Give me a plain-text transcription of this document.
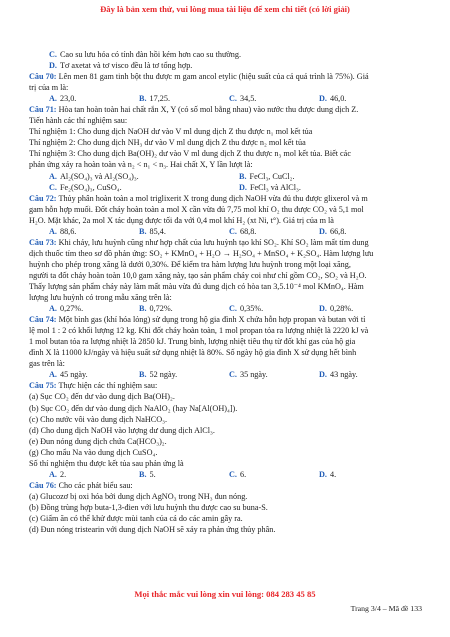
Đây là bản xem thử, vui lòng mua tài liệu để xem chi tiết (có lời giải)
C. Cao su lưu hóa có tính đàn hồi kém hơn cao su thường.
D. Tơ axetat và tơ visco đều là tơ tổng hợp.
Câu 70: Lên men 81 gam tinh bột thu được m gam ancol etylic (hiệu suất của cả quá trình là 75%). Giá
trị của m là:
A. 23,0.	B. 17,25.	C. 34,5.	D. 46,0.
Câu 71: Hòa tan hoàn toàn hai chất rắn X, Y (có số mol bằng nhau) vào nước thu được dung dịch Z.
Tiến hành các thí nghiệm sau:
Thí nghiệm 1: Cho dung dịch NaOH dư vào V ml dung dịch Z thu được n₁ mol kết tủa
Thí nghiệm 2: Cho dung dịch NH₃ dư vào V ml dung dịch Z thu được n₂ mol kết tủa
Thí nghiệm 3: Cho dung dịch Ba(OH)₂ dư vào V ml dung dịch Z thu được n₃ mol kết tủa. Biết các
phản ứng xảy ra hoàn toàn và n₂ < n₁ < n₃. Hai chất X, Y lần lượt là:
A. Al₂(SO₄)₃ và Al₂(SO₄)₃.	B. FeCl₃, CuCl₂.
C. Fe₂(SO₄)₃, CuSO₄.	D. FeCl₃ và AlCl₃.
Câu 72: Thủy phân hoàn toàn a mol triglixerit X trong dung dịch NaOH vừa đủ thu được glixerol và m
gam hỗn hợp muối. Đốt cháy hoàn toàn a mol X cần vừa đủ 7,75 mol khí O₂ thu được CO₂ và 5,1 mol
H₂O. Mặt khác, 2a mol X tác dụng được tối đa với 0,4 mol khí H₂ (xt Ni, t°). Giá trị của m là
A. 88,6.	B. 85,4.	C. 68,8.	D. 66,8.
Câu 73: Khi cháy, lưu huỳnh cũng như hợp chất của lưu huỳnh tạo khí SO₂. Khí SO₂ làm mất tím dung
dịch thuốc tím theo sơ đồ phản ứng: SO₂ + KMnO₄ + H₂O → H₂SO₄ + MnSO₄ + K₂SO₄. Hàm lượng lưu
huỳnh cho phép trong xăng là dưới 0,30%. Để kiểm tra hàm lượng lưu huỳnh trong một loại xăng,
người ta đốt cháy hoàn toàn 10,0 gam xăng này, tạo sản phẩm cháy coi như chỉ gồm CO₂, SO₂ và H₂O.
Thấy lượng sản phẩm cháy này làm mất màu vừa đủ dung dịch có hòa tan 3,5.10⁻⁴ mol KMnO₄. Hàm
lượng lưu huỳnh có trong mẫu xăng trên là:
A. 0,27%.	B. 0,72%.	C. 0,35%.	D. 0,28%.
Câu 74: Một bình gas (khí hóa lỏng) sử dụng trong hộ gia đình X chứa hỗn hợp propan và butan với tỉ
lệ mol 1 : 2 có khối lượng 12 kg. Khi đốt cháy hoàn toàn, 1 mol propan tỏa ra lượng nhiệt là 2220 kJ và
1 mol butan tỏa ra lượng nhiệt là 2850 kJ. Trung bình, lượng nhiệt tiêu thụ từ đốt khí gas của hộ gia
đình X là 11000 kJ/ngày và hiệu suất sử dụng nhiệt là 80%. Số ngày hộ gia đình X sử dụng hết bình
gas trên là:
A. 45 ngày.	B. 52 ngày.	C. 35 ngày.	D. 43 ngày.
Câu 75: Thực hiện các thí nghiệm sau:
(a) Sục CO₂ đến dư vào dung dịch Ba(OH)₂.
(b) Sục CO₂ đến dư vào dung dịch NaAlO₂ (hay Na[Al(OH)₄]).
(c) Cho nước vôi vào dung dịch NaHCO₃.
(d) Cho dung dịch NaOH vào lượng dư dung dịch AlCl₃.
(e) Đun nóng dung dịch chứa Ca(HCO₃)₂.
(g) Cho mẩu Na vào dung dịch CuSO₄.
Số thí nghiệm thu được kết tủa sau phản ứng là
A. 2.	B. 5.	C. 6.	D. 4.
Câu 76: Cho các phát biểu sau:
(a) Glucozơ bị oxi hóa bởi dung dịch AgNO₃ trong NH₃ đun nóng.
(b) Đồng trùng hợp buta-1,3-đien với lưu huỳnh thu được cao su buna-S.
(c) Giấm ăn có thể khử được mùi tanh của cá do các amin gây ra.
(d) Đun nóng tristearin với dung dịch NaOH sẽ xảy ra phản ứng thủy phân.
Mọi thắc mắc vui lòng xin vui lòng: 084 283 45 85
Trang 3/4 – Mã đề 133
